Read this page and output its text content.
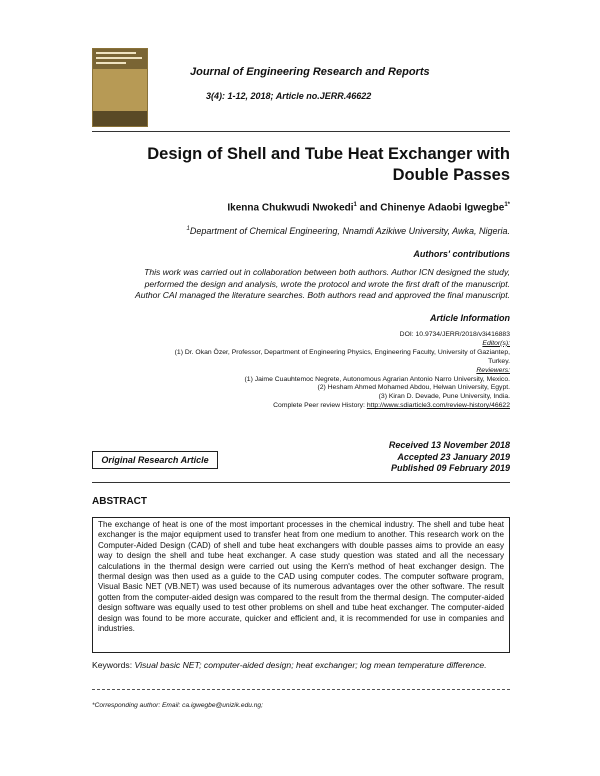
Journal of Engineering Research and Reports
3(4): 1-12, 2018; Article no.JERR.46622
Design of Shell and Tube Heat Exchanger with
Double Passes
Ikenna Chukwudi Nwokedi$^1$ and Chinenye Adaobi Igwegbe$^{1*}$
$^1$Department of Chemical Engineering, Nnamdi Azikiwe University, Awka, Nigeria.
Authors' contributions
This work was carried out in collaboration between both authors. Author ICN designed the study,
performed the design and analysis, wrote the protocol and wrote the first draft of the manuscript.
Author CAI managed the literature searches. Both authors read and approved the final manuscript.
Article Information
DOI: 10.9734/JERR/2018/v3i416883
Editor(s):
(1) Dr. Okan Özer, Professor, Department of Engineering Physics, Engineering Faculty, University of Gaziantep,
Turkey.
Reviewers:
(1) Jaime Cuauhtemoc Negrete, Autonomous Agrarian Antonio Narro University, Mexico.
(2) Hesham Ahmed Mohamed Abdou, Helwan University, Egypt.
(3) Kiran D. Devade, Pune University, India.
Complete Peer review History: http://www.sdiarticle3.com/review-history/46622
Received 13 November 2018
Accepted 23 January 2019
Published 09 February 2019
Original Research Article
ABSTRACT
The exchange of heat is one of the most important processes in the chemical industry. The shell and tube heat exchanger is the major equipment used to transfer heat from one medium to another. This research work on the Computer-Aided Design (CAD) of shell and tube heat exchangers with double passes aims to provide an easy way to design the shell and tube heat exchanger. A case study question was stated and all the necessary calculations in the thermal design were carried out using the Kern's method of heat exchanger design. The thermal design was then used as a guide to the CAD using computer codes. The computer software program, Visual Basic NET (VB.NET) was used because of its numerous advantages over the other software. The result gotten from the computer-aided design was compared to the result from the thermal design. The computer-aided design software was equally used to test other problems on shell and tube heat exchanger. The computer-aided design was found to be more accurate, quicker and efficient and, it is recommended for use in companies and industries.
Keywords: Visual basic NET; computer-aided design; heat exchanger; log mean temperature difference.
*Corresponding author: Email: ca.igwegbe@unizik.edu.ng;
